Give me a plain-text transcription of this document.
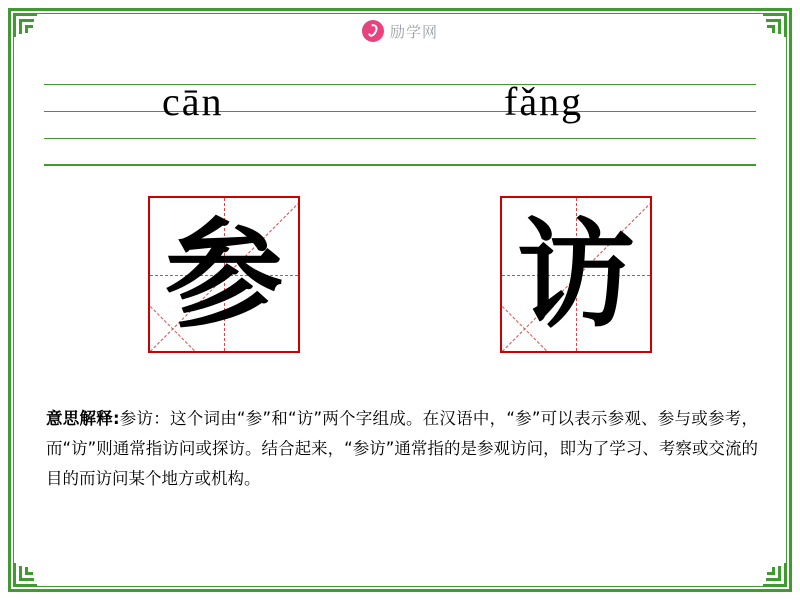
励学网
cān	fǎng
参 访
意思解释:参访：这个词由“参”和“访”两个字组成。在汉语中，“参”可以表示参观、参与或参考，而“访”则通常指访问或探访。结合起来，“参访”通常指的是参观访问，即为了学习、考察或交流的目的而访问某个地方或机构。
